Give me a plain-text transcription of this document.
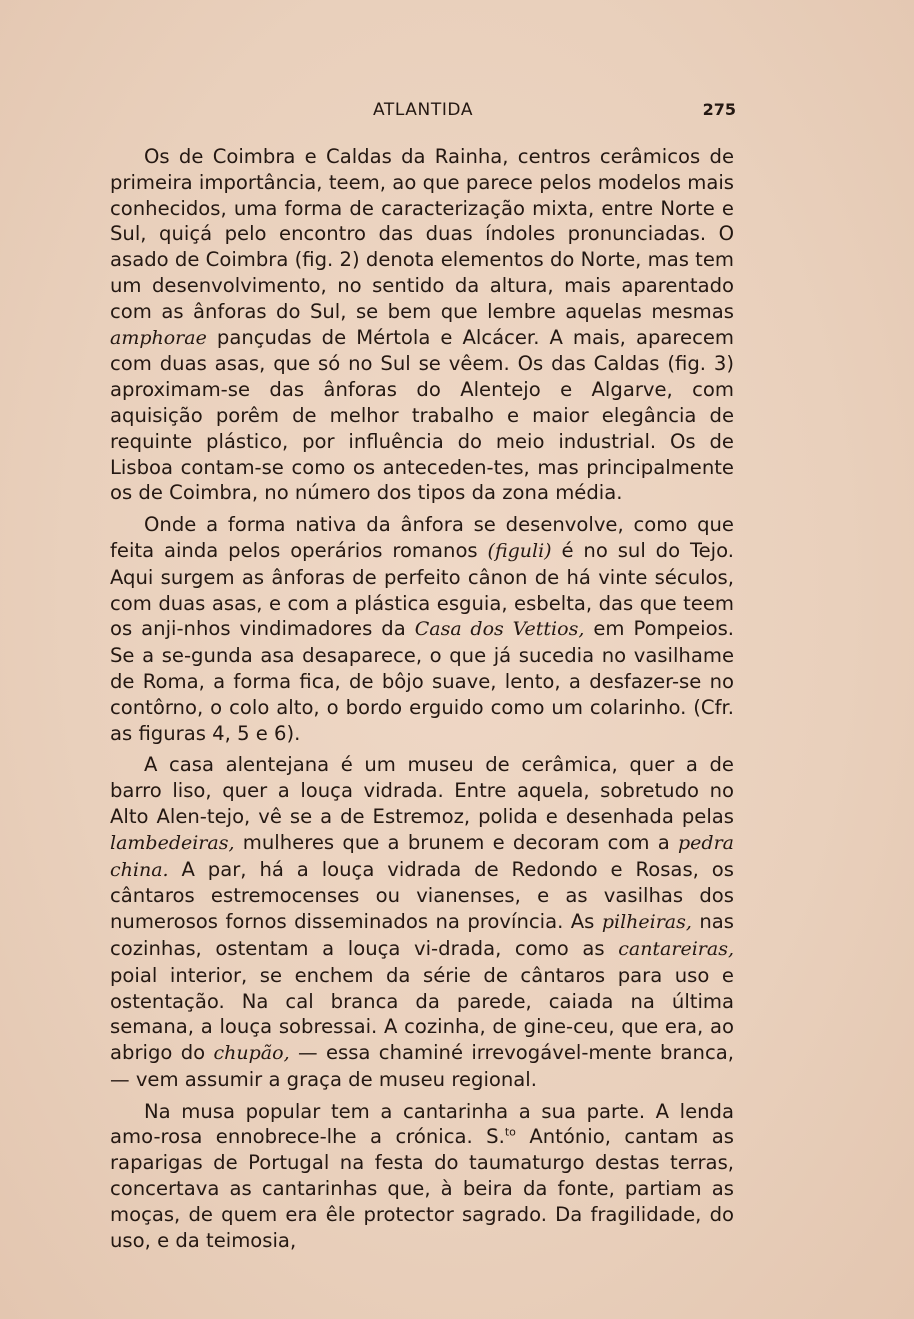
ATLANTIDA	275

Os de Coimbra e Caldas da Rainha, centros cerâmicos de primeira importância, teem, ao que parece pelos modelos mais conhecidos, uma forma de caracterização mixta, entre Norte e Sul, quiçá pelo encontro das duas índoles pronunciadas. O asado de Coimbra (fig. 2) denota elementos do Norte, mas tem um desenvolvimento, no sentido da altura, mais aparentado com as ânforas do Sul, se bem que lembre aquelas mesmas amphorae pançudas de Mértola e Alcácer. A mais, aparecem com duas asas, que só no Sul se vêem. Os das Caldas (fig. 3) aproximam-se das ânforas do Alentejo e Algarve, com aquisição porêm de melhor trabalho e maior elegância de requinte plástico, por influência do meio industrial. Os de Lisboa contam-se como os anteceden-tes, mas principalmente os de Coimbra, no número dos tipos da zona média.

Onde a forma nativa da ânfora se desenvolve, como que feita ainda pelos operários romanos (figuli) é no sul do Tejo. Aqui surgem as ânforas de perfeito cânon de há vinte séculos, com duas asas, e com a plástica esguia, esbelta, das que teem os anji-nhos vindimadores da Casa dos Vettios, em Pompeios. Se a se-gunda asa desaparece, o que já sucedia no vasilhame de Roma, a forma fica, de bôjo suave, lento, a desfazer-se no contôrno, o colo alto, o bordo erguido como um colarinho. (Cfr. as figuras 4, 5 e 6).

A casa alentejana é um museu de cerâmica, quer a de barro liso, quer a louça vidrada. Entre aquela, sobretudo no Alto Alen-tejo, vê se a de Estremoz, polida e desenhada pelas lambedeiras, mulheres que a brunem e decoram com a pedra china. A par, há a louça vidrada de Redondo e Rosas, os cântaros estremocenses ou vianenses, e as vasilhas dos numerosos fornos disseminados na província. As pilheiras, nas cozinhas, ostentam a louça vi-drada, como as cantareiras, poial interior, se enchem da série de cântaros para uso e ostentação. Na cal branca da parede, caiada na última semana, a louça sobressai. A cozinha, de gine-ceu, que era, ao abrigo do chupão, — essa chaminé irrevogável-mente branca, — vem assumir a graça de museu regional.

Na musa popular tem a cantarinha a sua parte. A lenda amo-rosa ennobrece-lhe a crónica. S.$^{to}$ António, cantam as raparigas de Portugal na festa do taumaturgo destas terras, concertava as cantarinhas que, à beira da fonte, partiam as moças, de quem era êle protector sagrado. Da fragilidade, do uso, e da teimosia,
